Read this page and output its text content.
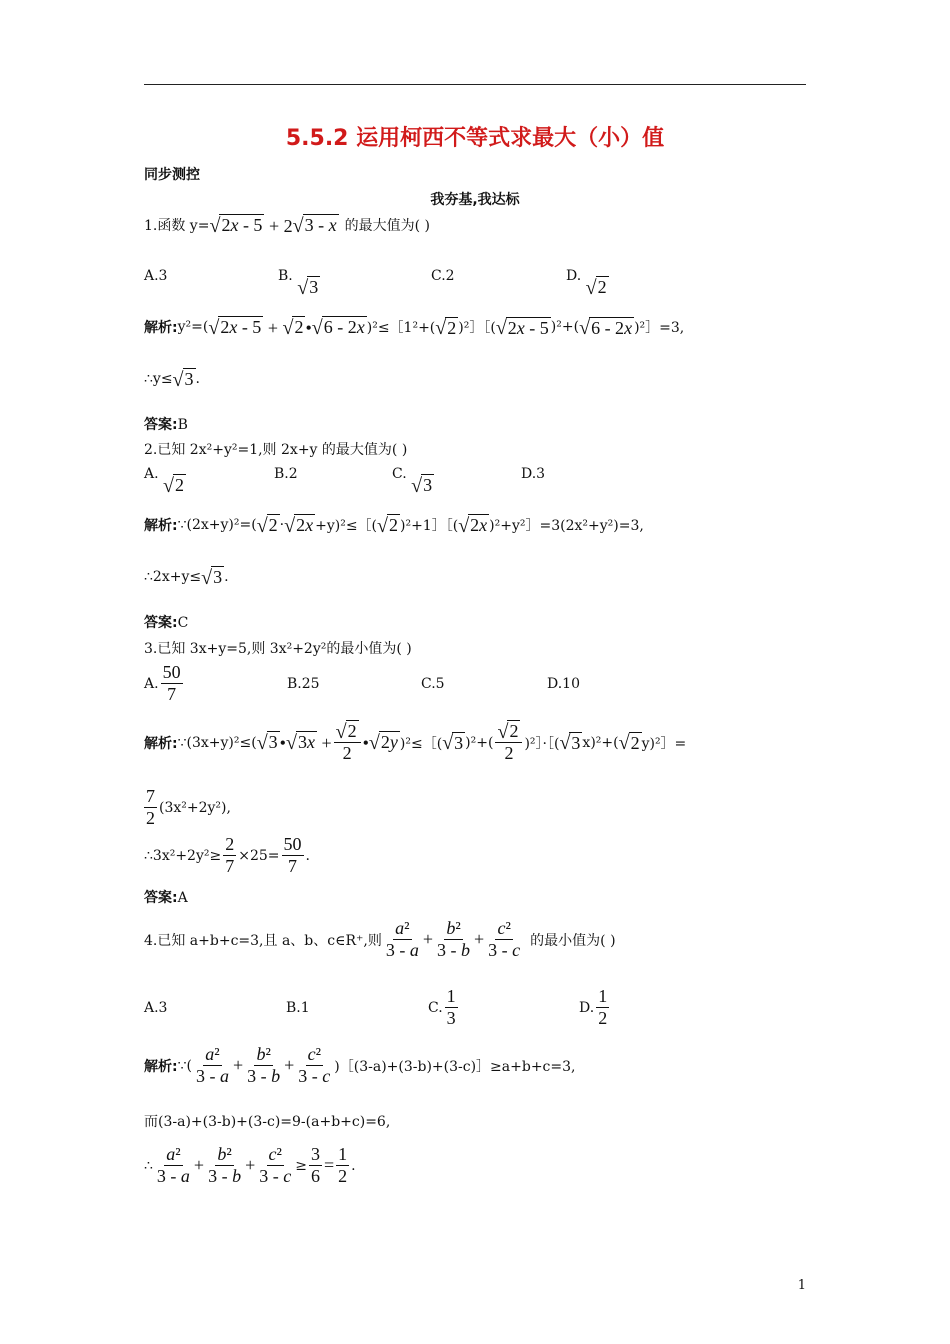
5.5.2 运用柯西不等式求最大（小）值
同步测控
我夯基,我达标
1.函数 y= √ 2x - 5 + 2 √ 3 - x 的最大值为( )
A.3	B.
√ 3
C.2	D.
√ 2
解析: y²=( √ 2x - 5 + √ 2 • √ 6 - 2x )²≤［1²+( √ 2 )²］［( √ 2x - 5 )²+( √ 6 - 2x )²］=3,
∴y≤ √ 3 .
答案:B
2.已知 2x²+y²=1,则 2x+y 的最大值为( )
A.
√ 2
B.2	C.
√ 3
D.3
解析: ∵(2x+y)²=( √ 2 · √ 2x +y)²≤［( √ 2 )²+1］［( √ 2x )²+y²］=3(2x²+y²)=3,
∴2x+y≤ √ 3 .
答案:C
3.已知 3x+y=5,则 3x²+2y²的最小值为( )
A.
50
7	B.25	C.5	D.10
解析: ∵(3x+y)²≤( √ 3 • √ $3x + \frac{√ 2}{2}$ • √ 2y )²≤［( √ 3 )²+( √ 2
2 )²］·［( √ 3 x)²+( √ 2 y)²］=
7
2
(3x²+2y²),
∴3x²+2y²≥
2
7
×25=
50
7
.
答案:A
4.已知 a+b+c=3,且 a、b、c∈R⁺,则
a²
3 - a
+ $\frac{\text{b²}}{3 - b} + \frac{\text{c²}}{3 - c}$ 的最小值为( )
A.3	B.1	C.
1
3
D.
1
2
解析: ∵(
a²
3 - a
+ $\frac{\text{b²}}{3 - b} + \frac{\text{c²}}{3 - c}$ )［(3-a)+(3-b)+(3-c)］≥a+b+c=3,
而(3-a)+(3-b)+(3-c)=9-(a+b+c)=6,
∴
a²
3 - a
+ $\frac{\text{b²}}{3 - b} + \frac{\text{c²}}{3 - c} \ge \frac{3}{6} = \frac{1}{2}$ .
1
